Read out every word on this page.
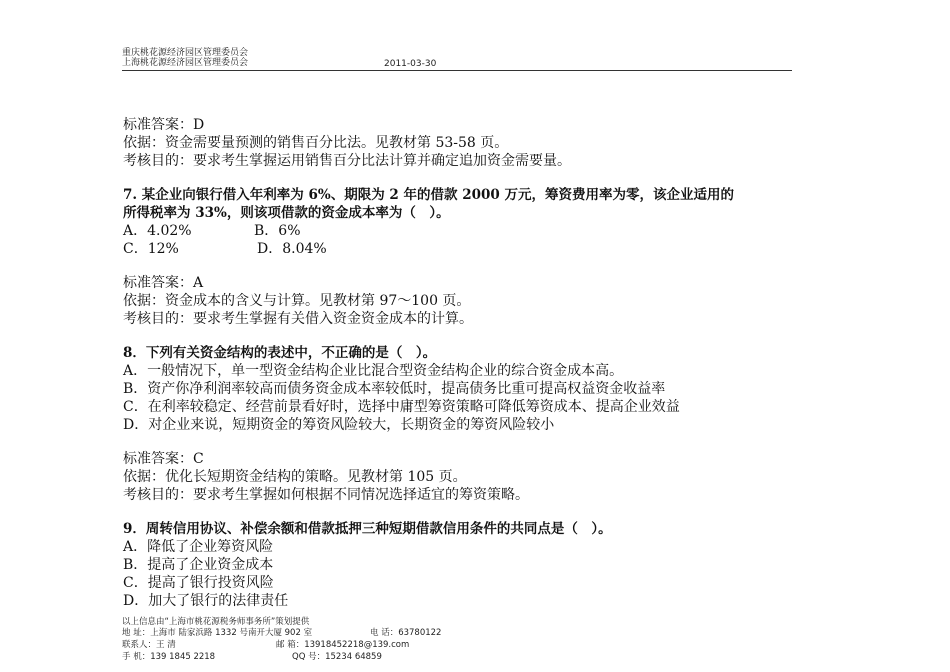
重庆桃花源经济园区管理委员会
上海桃花源经济园区管理委员会	2011-03-30
标准答案：D
依据：资金需要量预测的销售百分比法。见教材第 53-58 页。
考核目的：要求考生掌握运用销售百分比法计算并确定追加资金需要量。
7. 某企业向银行借入年利率为 6%、期限为 2 年的借款 2000 万元，筹资费用率为零，该企业适用的
所得税率为 33%，则该项借款的资金成本率为（　）。
A．4.02%	B．6%
C．12%	D．8.04%
标准答案：A
依据：资金成本的含义与计算。见教材第 97～100 页。
考核目的：要求考生掌握有关借入资金资金成本的计算。
8．下列有关资金结构的表述中，不正确的是（　）。
A．一般情况下，单一型资金结构企业比混合型资金结构企业的综合资金成本高。
B．资产你净利润率较高而债务资金成本率较低时，提高债务比重可提高权益资金收益率
C．在利率较稳定、经营前景看好时，选择中庸型筹资策略可降低筹资成本、提高企业效益
D．对企业来说，短期资金的筹资风险较大，长期资金的筹资风险较小
标准答案：C
依据：优化长短期资金结构的策略。见教材第 105 页。
考核目的：要求考生掌握如何根据不同情况选择适宜的筹资策略。
9．周转信用协议、补偿余额和借款抵押三种短期借款信用条件的共同点是（　）。
A．降低了企业筹资风险
B．提高了企业资金成本
C．提高了银行投资风险
D．加大了银行的法律责任
以上信息由“上海市桃花源税务师事务所”策划提供
地 址：上海市 陆家浜路 1332 号南开大厦 902 室	电 话：63780122
联系人：王 清	邮 箱：13918452218@139.com
手 机：139 1845 2218	QQ 号：15234 64859
